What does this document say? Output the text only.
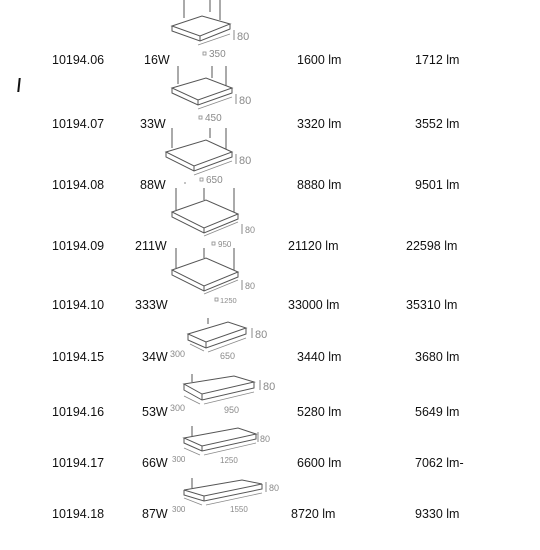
10194.06	16W	1600 lm	1712 lm
80
350
10194.07	33W	3320 lm	3552 lm
80
450
10194.08	88W	8880 lm	9501 lm
80
650
10194.09 211W	21120 lm	22598 lm
80
950
10194.10 333W	33000 lm	35310 lm
80
1250
10194.15	34W	3440 lm	3680 lm
80
300	650
10194.16	53W	5280 lm	5649 lm
80
300	950
10194.17	66W	6600 lm	7062 lm-
80
300	1250
10194.18	87W	8720 lm	9330 lm
80
300	1550
